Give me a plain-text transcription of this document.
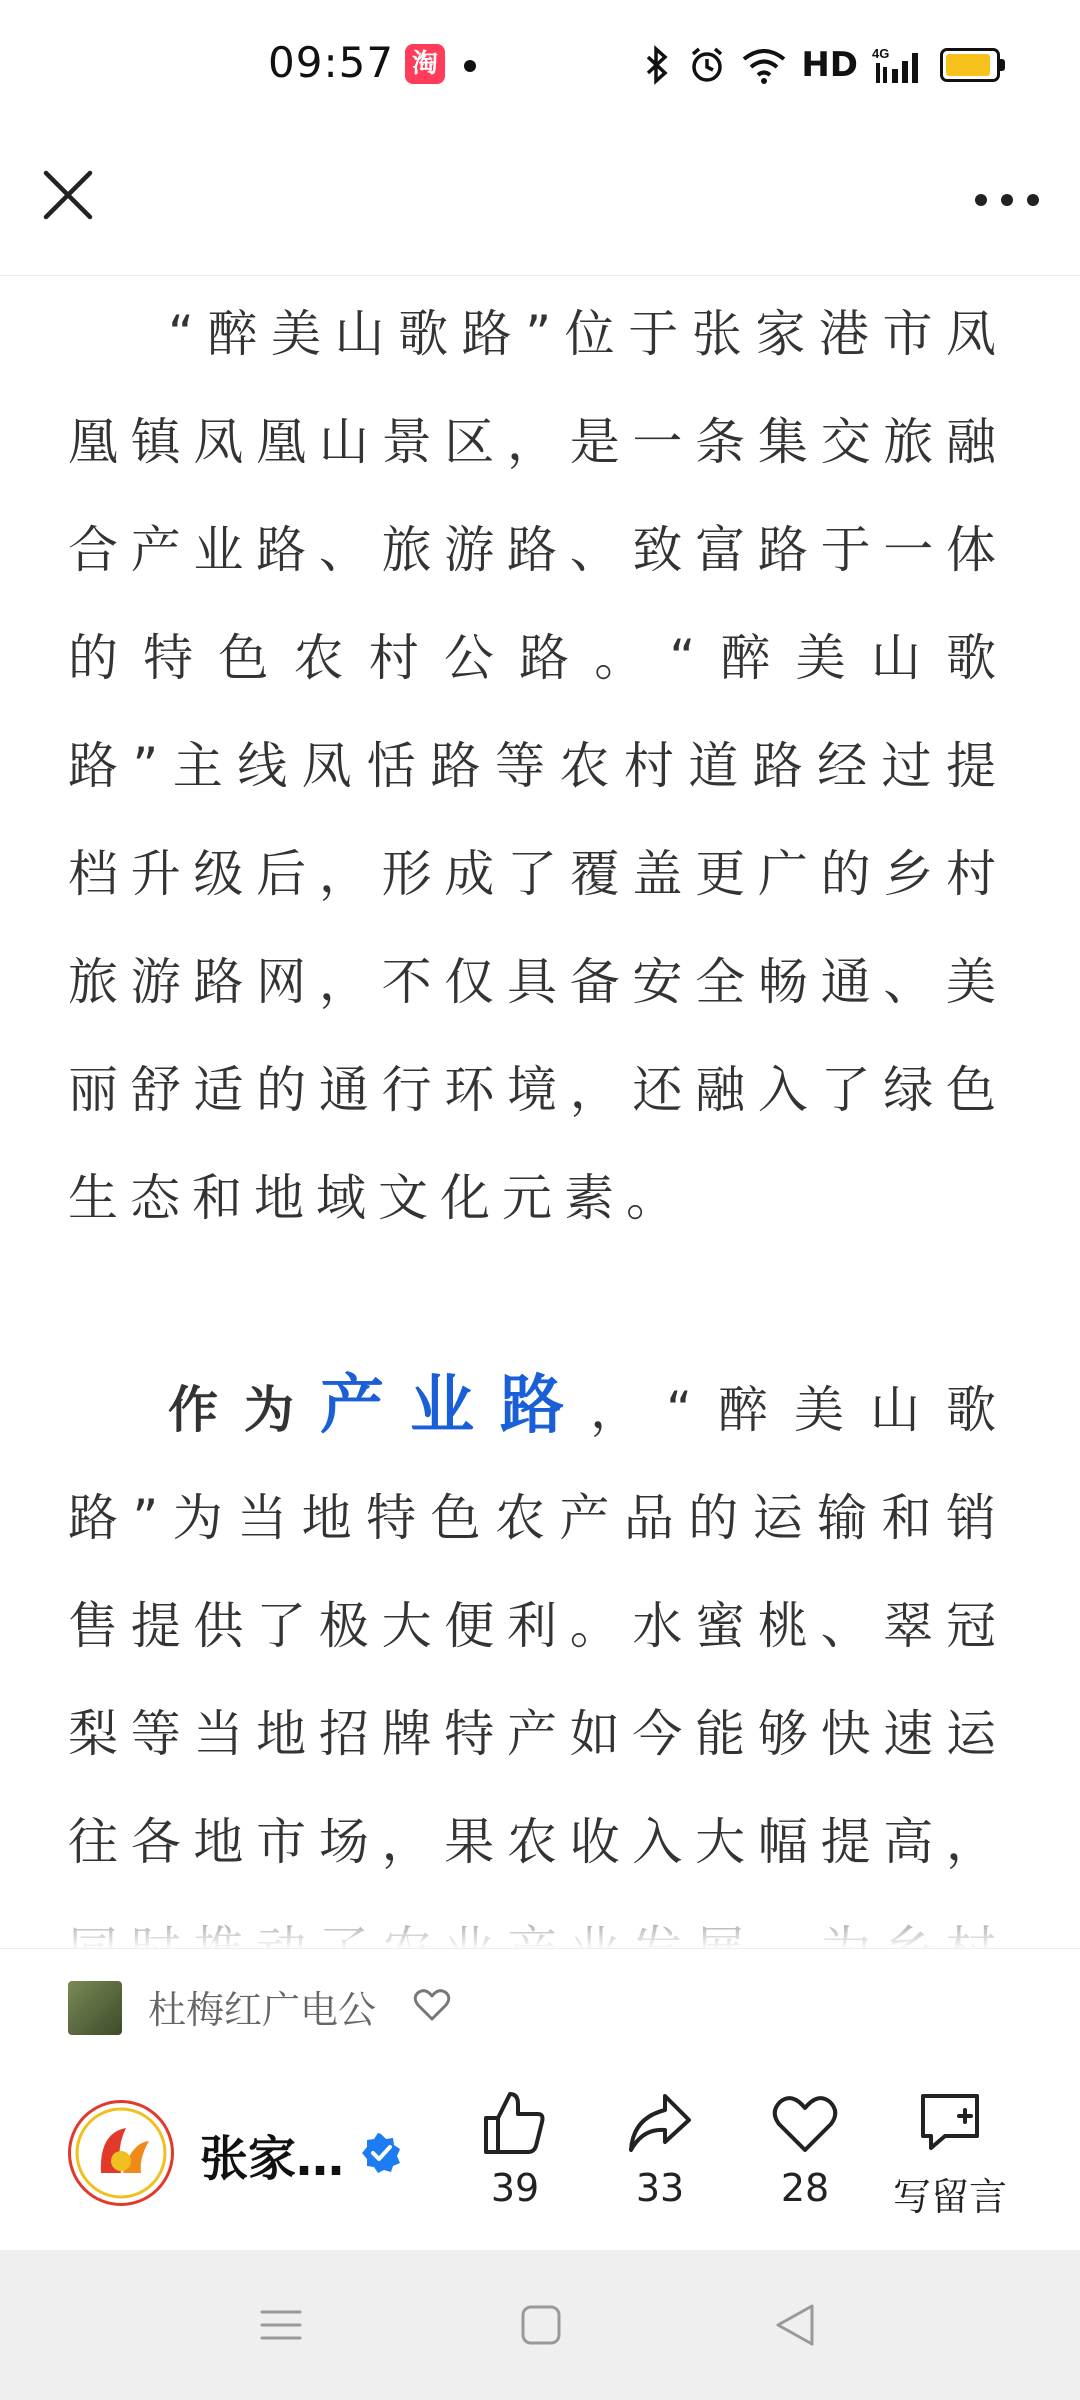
09:57 淘	HD 4G

“醉美山歌路”位于张家港市凤凰镇凤凰山景区，是一条集交旅融合产业路、旅游路、致富路于一体的特色农村公路。“醉美山歌路”主线凤恬路等农村道路经过提档升级后，形成了覆盖更广的乡村旅游路网，不仅具备安全畅通、美丽舒适的通行环境，还融入了绿色生态和地域文化元素。

作为产业路，“醉美山歌路”为当地特色农产品的运输和销售提供了极大便利。水蜜桃、翠冠梨等当地招牌特产如今能够快速运往各地市场，果农收入大幅提高，

杜梅红广电公
张家…
39	33	28	写留言
